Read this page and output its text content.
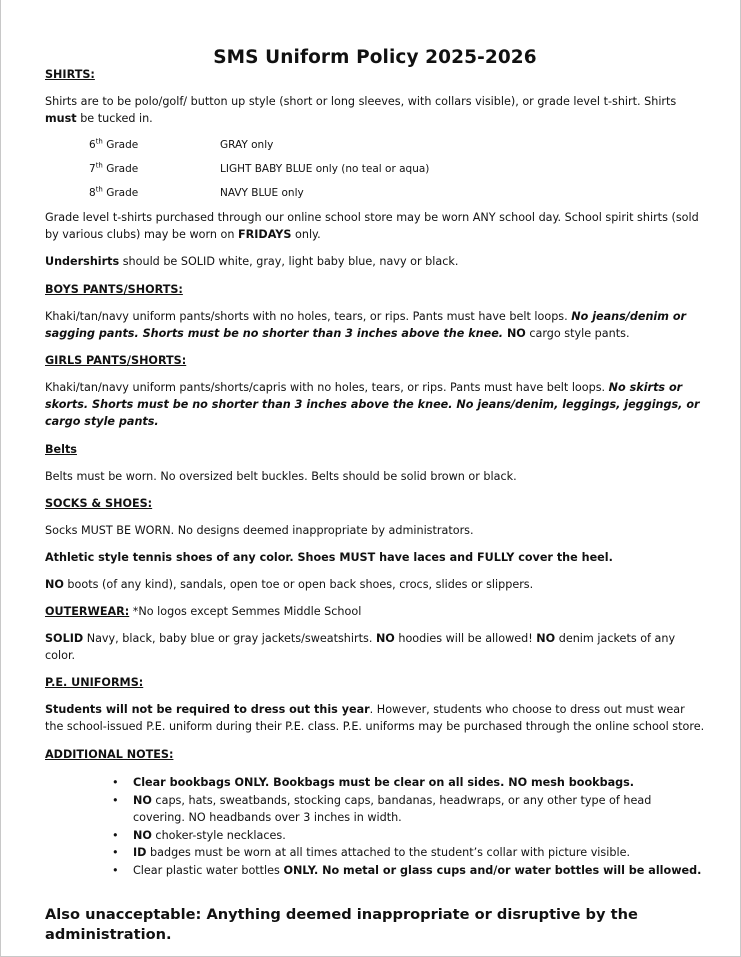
SMS Uniform Policy 2025-2026

SHIRTS:

Shirts are to be polo/golf/ button up style (short or long sleeves, with collars visible), or grade level t-shirt. Shirts must be tucked in.

6th Grade	GRAY only
7th Grade	LIGHT BABY BLUE only (no teal or aqua)
8th Grade	NAVY BLUE only

Grade level t-shirts purchased through our online school store may be worn ANY school day. School spirit shirts (sold by various clubs) may be worn on FRIDAYS only.

Undershirts should be SOLID white, gray, light baby blue, navy or black.

BOYS PANTS/SHORTS:

Khaki/tan/navy uniform pants/shorts with no holes, tears, or rips. Pants must have belt loops. No jeans/denim or sagging pants. Shorts must be no shorter than 3 inches above the knee. NO cargo style pants.

GIRLS PANTS/SHORTS:

Khaki/tan/navy uniform pants/shorts/capris with no holes, tears, or rips. Pants must have belt loops. No skirts or skorts. Shorts must be no shorter than 3 inches above the knee. No jeans/denim, leggings, jeggings, or cargo style pants.

Belts

Belts must be worn. No oversized belt buckles. Belts should be solid brown or black.

SOCKS & SHOES:

Socks MUST BE WORN. No designs deemed inappropriate by administrators.

Athletic style tennis shoes of any color. Shoes MUST have laces and FULLY cover the heel.

NO boots (of any kind), sandals, open toe or open back shoes, crocs, slides or slippers.

OUTERWEAR: *No logos except Semmes Middle School

SOLID Navy, black, baby blue or gray jackets/sweatshirts. NO hoodies will be allowed! NO denim jackets of any color.

P.E. UNIFORMS:

Students will not be required to dress out this year. However, students who choose to dress out must wear the school-issued P.E. uniform during their P.E. class. P.E. uniforms may be purchased through the online school store.

ADDITIONAL NOTES:

• Clear bookbags ONLY. Bookbags must be clear on all sides. NO mesh bookbags.
• NO caps, hats, sweatbands, stocking caps, bandanas, headwraps, or any other type of head covering. NO headbands over 3 inches in width.
• NO choker-style necklaces.
• ID badges must be worn at all times attached to the student’s collar with picture visible.
• Clear plastic water bottles ONLY. No metal or glass cups and/or water bottles will be allowed.

Also unacceptable: Anything deemed inappropriate or disruptive by the administration.
